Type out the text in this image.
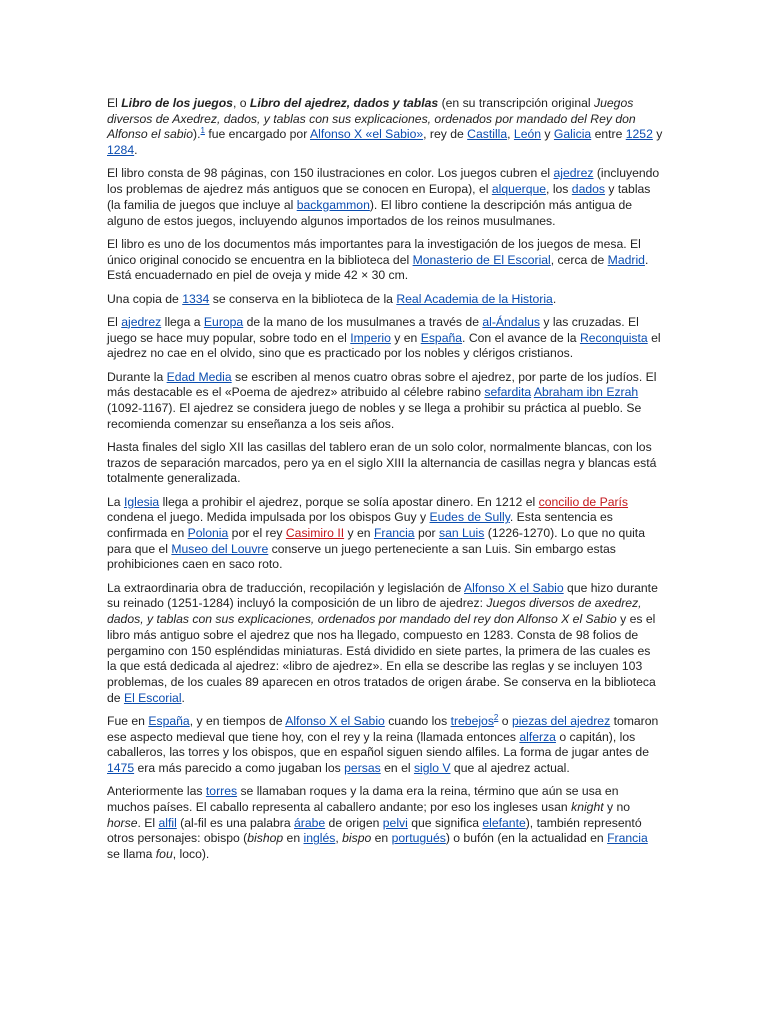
El Libro de los juegos, o Libro del ajedrez, dados y tablas (en su transcripción original Juegos diversos de Axedrez, dados, y tablas con sus explicaciones, ordenados por mandado del Rey don Alfonso el sabio).$^1$ fue encargado por Alfonso X «el Sabio», rey de Castilla, León y Galicia entre 1252 y 1284.

El libro consta de 98 páginas, con 150 ilustraciones en color. Los juegos cubren el ajedrez (incluyendo los problemas de ajedrez más antiguos que se conocen en Europa), el alquerque, los dados y tablas (la familia de juegos que incluye al backgammon). El libro contiene la descripción más antigua de alguno de estos juegos, incluyendo algunos importados de los reinos musulmanes.

El libro es uno de los documentos más importantes para la investigación de los juegos de mesa. El único original conocido se encuentra en la biblioteca del Monasterio de El Escorial, cerca de Madrid. Está encuadernado en piel de oveja y mide 42 × 30 cm.

Una copia de 1334 se conserva en la biblioteca de la Real Academia de la Historia.

El ajedrez llega a Europa de la mano de los musulmanes a través de al-Ándalus y las cruzadas. El juego se hace muy popular, sobre todo en el Imperio y en España. Con el avance de la Reconquista el ajedrez no cae en el olvido, sino que es practicado por los nobles y clérigos cristianos.

Durante la Edad Media se escriben al menos cuatro obras sobre el ajedrez, por parte de los judíos. El más destacable es el «Poema de ajedrez» atribuido al célebre rabino sefardita Abraham ibn Ezrah (1092-1167). El ajedrez se considera juego de nobles y se llega a prohibir su práctica al pueblo. Se recomienda comenzar su enseñanza a los seis años.

Hasta finales del siglo XII las casillas del tablero eran de un solo color, normalmente blancas, con los trazos de separación marcados, pero ya en el siglo XIII la alternancia de casillas negra y blancas está totalmente generalizada.

La Iglesia llega a prohibir el ajedrez, porque se solía apostar dinero. En 1212 el concilio de París condena el juego. Medida impulsada por los obispos Guy y Eudes de Sully. Esta sentencia es confirmada en Polonia por el rey Casimiro II y en Francia por san Luis (1226-1270). Lo que no quita para que el Museo del Louvre conserve un juego perteneciente a san Luis. Sin embargo estas prohibiciones caen en saco roto.

La extraordinaria obra de traducción, recopilación y legislación de Alfonso X el Sabio que hizo durante su reinado (1251-1284) incluyó la composición de un libro de ajedrez: Juegos diversos de axedrez, dados, y tablas con sus explicaciones, ordenados por mandado del rey don Alfonso X el Sabio y es el libro más antiguo sobre el ajedrez que nos ha llegado, compuesto en 1283. Consta de 98 folios de pergamino con 150 espléndidas miniaturas. Está dividido en siete partes, la primera de las cuales es la que está dedicada al ajedrez: «libro de ajedrez». En ella se describe las reglas y se incluyen 103 problemas, de los cuales 89 aparecen en otros tratados de origen árabe. Se conserva en la biblioteca de El Escorial.

Fue en España, y en tiempos de Alfonso X el Sabio cuando los trebejos$^2$ o piezas del ajedrez tomaron ese aspecto medieval que tiene hoy, con el rey y la reina (llamada entonces alferza o capitán), los caballeros, las torres y los obispos, que en español siguen siendo alfiles. La forma de jugar antes de 1475 era más parecido a como jugaban los persas en el siglo V que al ajedrez actual.

Anteriormente las torres se llamaban roques y la dama era la reina, término que aún se usa en muchos países. El caballo representa al caballero andante; por eso los ingleses usan knight y no horse. El alfil (al-fil es una palabra árabe de origen pelvi que significa elefante), también representó otros personajes: obispo (bishop en inglés, bispo en portugués) o bufón (en la actualidad en Francia se llama fou, loco).
